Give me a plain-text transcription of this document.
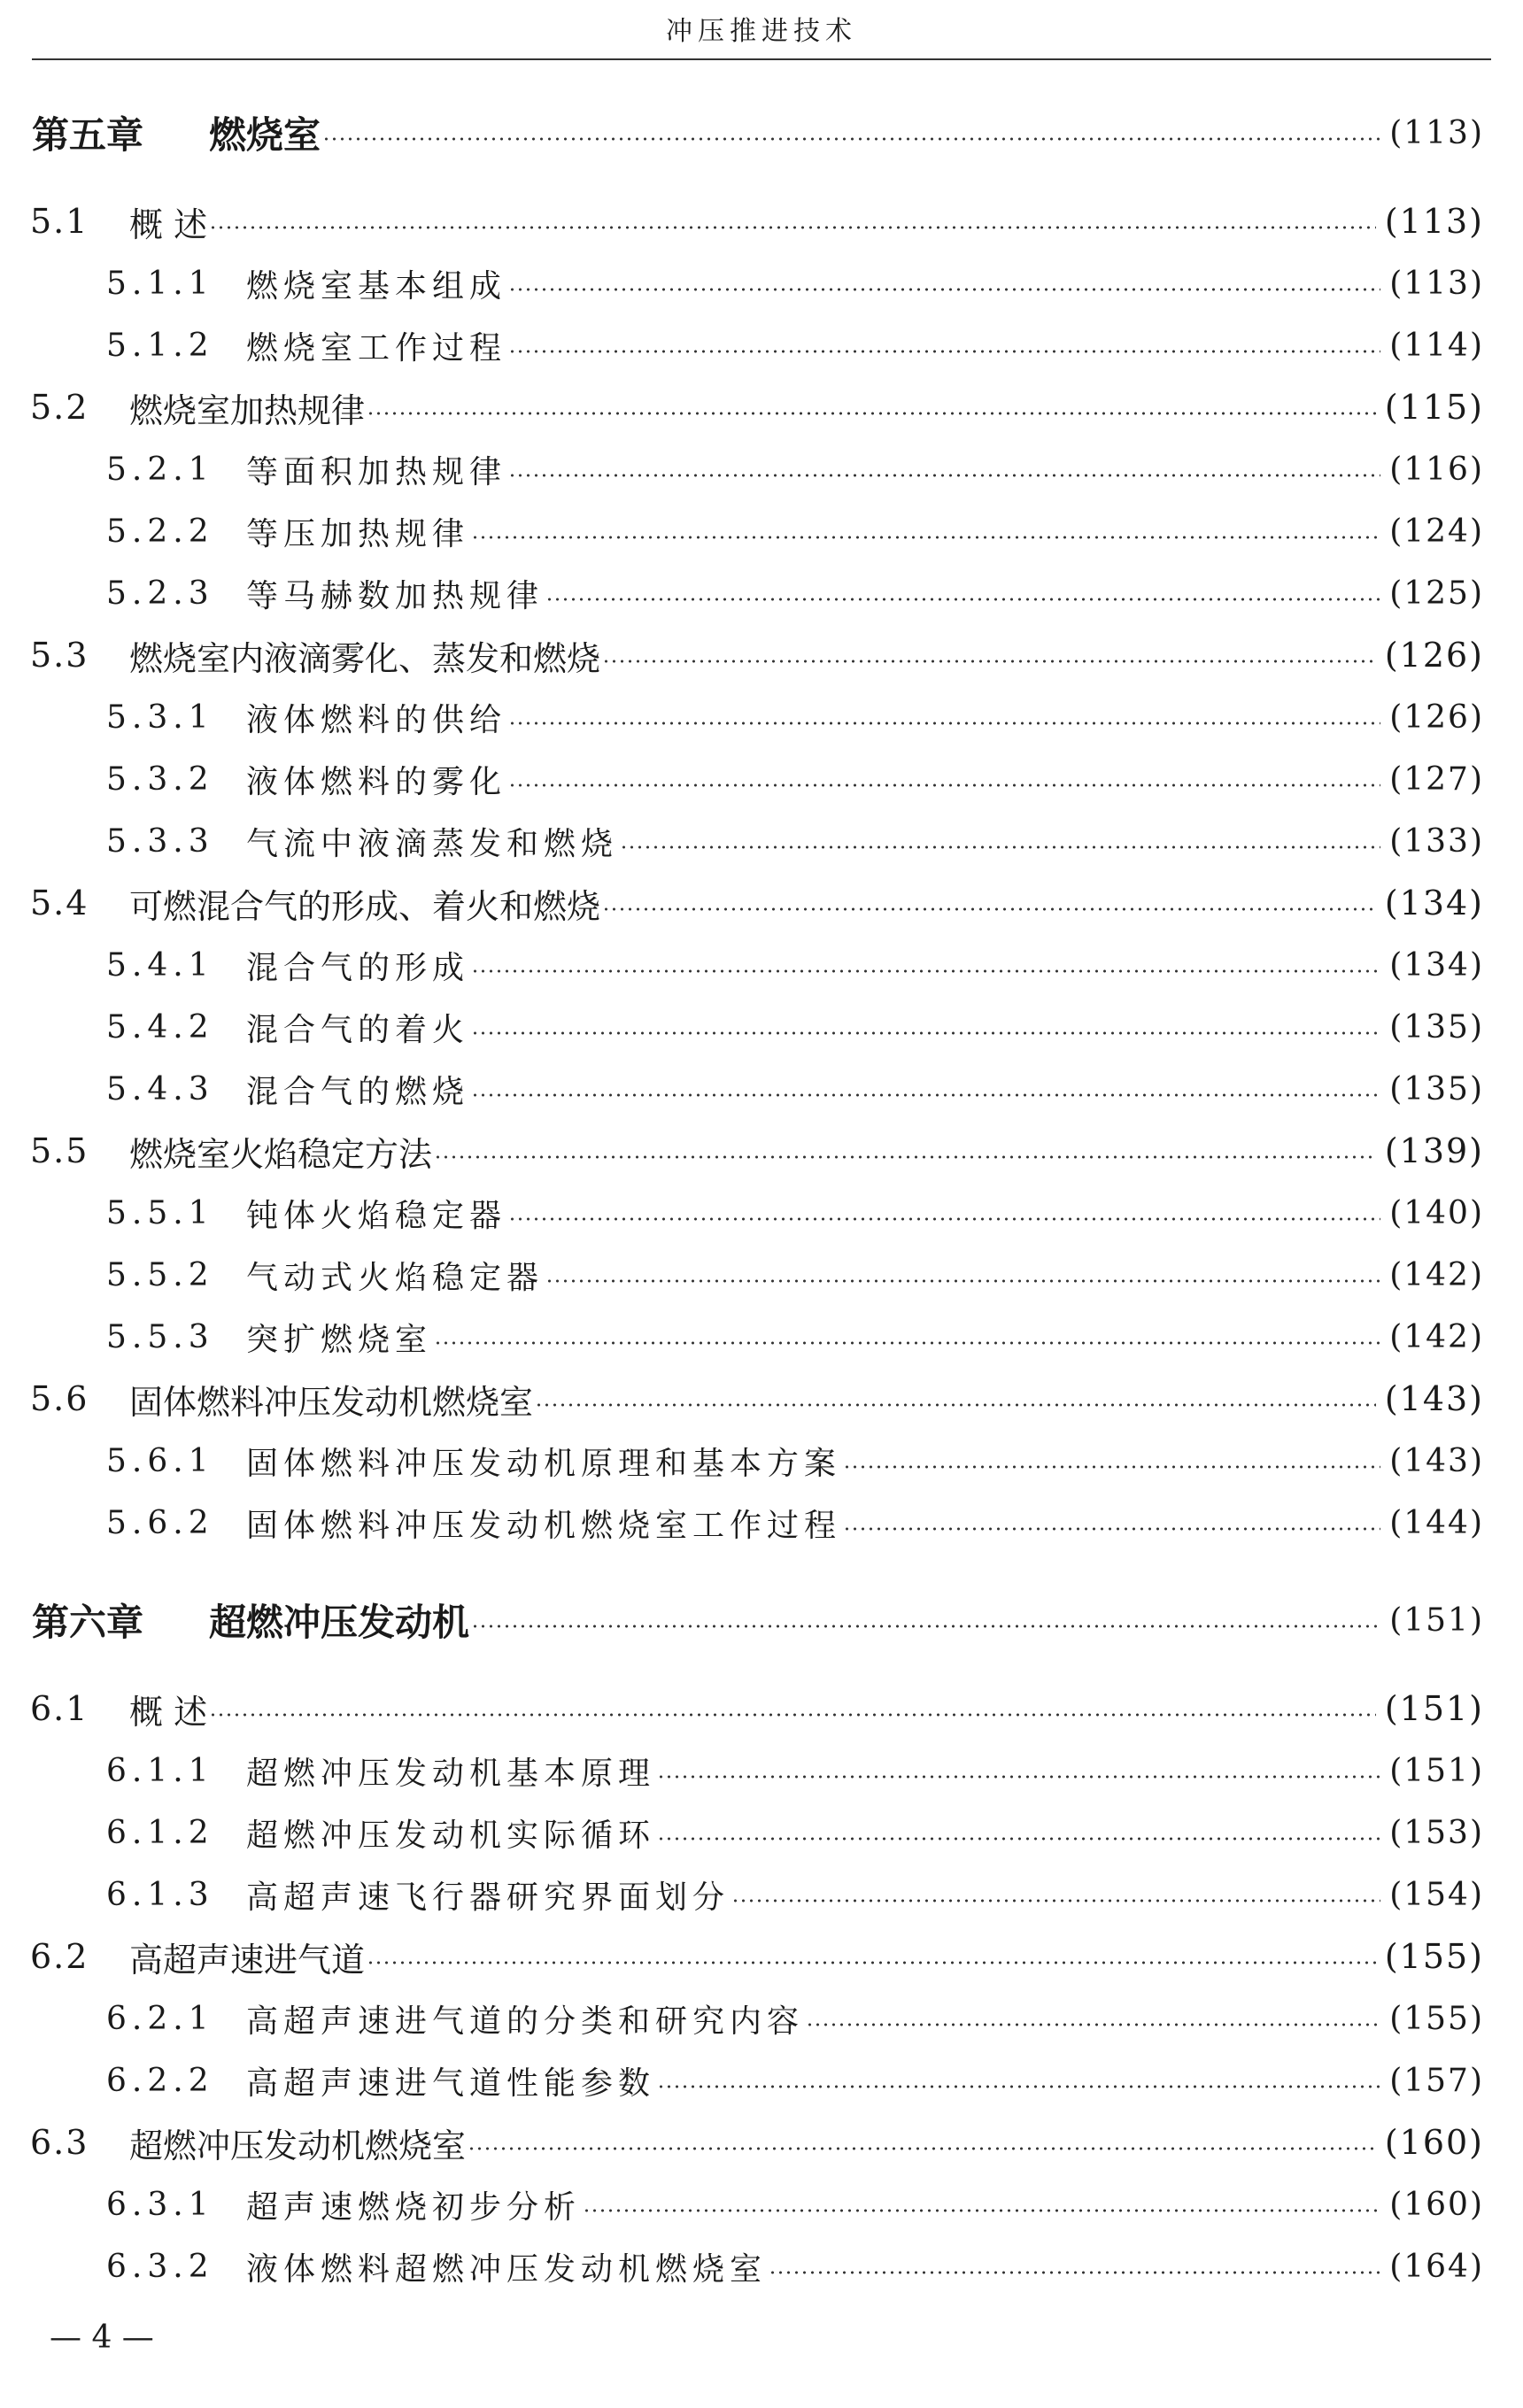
冲压推进技术
第五章	燃烧室	(113)
5.1	概 述	(113)
5.1.1	燃烧室基本组成	(113)
5.1.2	燃烧室工作过程	(114)
5.2	燃烧室加热规律	(115)
5.2.1	等面积加热规律	(116)
5.2.2	等压加热规律	(124)
5.2.3	等马赫数加热规律	(125)
5.3	燃烧室内液滴雾化、蒸发和燃烧	(126)
5.3.1	液体燃料的供给	(126)
5.3.2	液体燃料的雾化	(127)
5.3.3	气流中液滴蒸发和燃烧	(133)
5.4	可燃混合气的形成、着火和燃烧	(134)
5.4.1	混合气的形成	(134)
5.4.2	混合气的着火	(135)
5.4.3	混合气的燃烧	(135)
5.5	燃烧室火焰稳定方法	(139)
5.5.1	钝体火焰稳定器	(140)
5.5.2	气动式火焰稳定器	(142)
5.5.3	突扩燃烧室	(142)
5.6	固体燃料冲压发动机燃烧室	(143)
5.6.1	固体燃料冲压发动机原理和基本方案	(143)
5.6.2	固体燃料冲压发动机燃烧室工作过程	(144)
第六章	超燃冲压发动机	(151)
6.1	概 述	(151)
6.1.1	超燃冲压发动机基本原理	(151)
6.1.2	超燃冲压发动机实际循环	(153)
6.1.3	高超声速飞行器研究界面划分	(154)
6.2	高超声速进气道	(155)
6.2.1	高超声速进气道的分类和研究内容	(155)
6.2.2	高超声速进气道性能参数	(157)
6.3	超燃冲压发动机燃烧室	(160)
6.3.1	超声速燃烧初步分析	(160)
6.3.2	液体燃料超燃冲压发动机燃烧室	(164)
— 4 —
